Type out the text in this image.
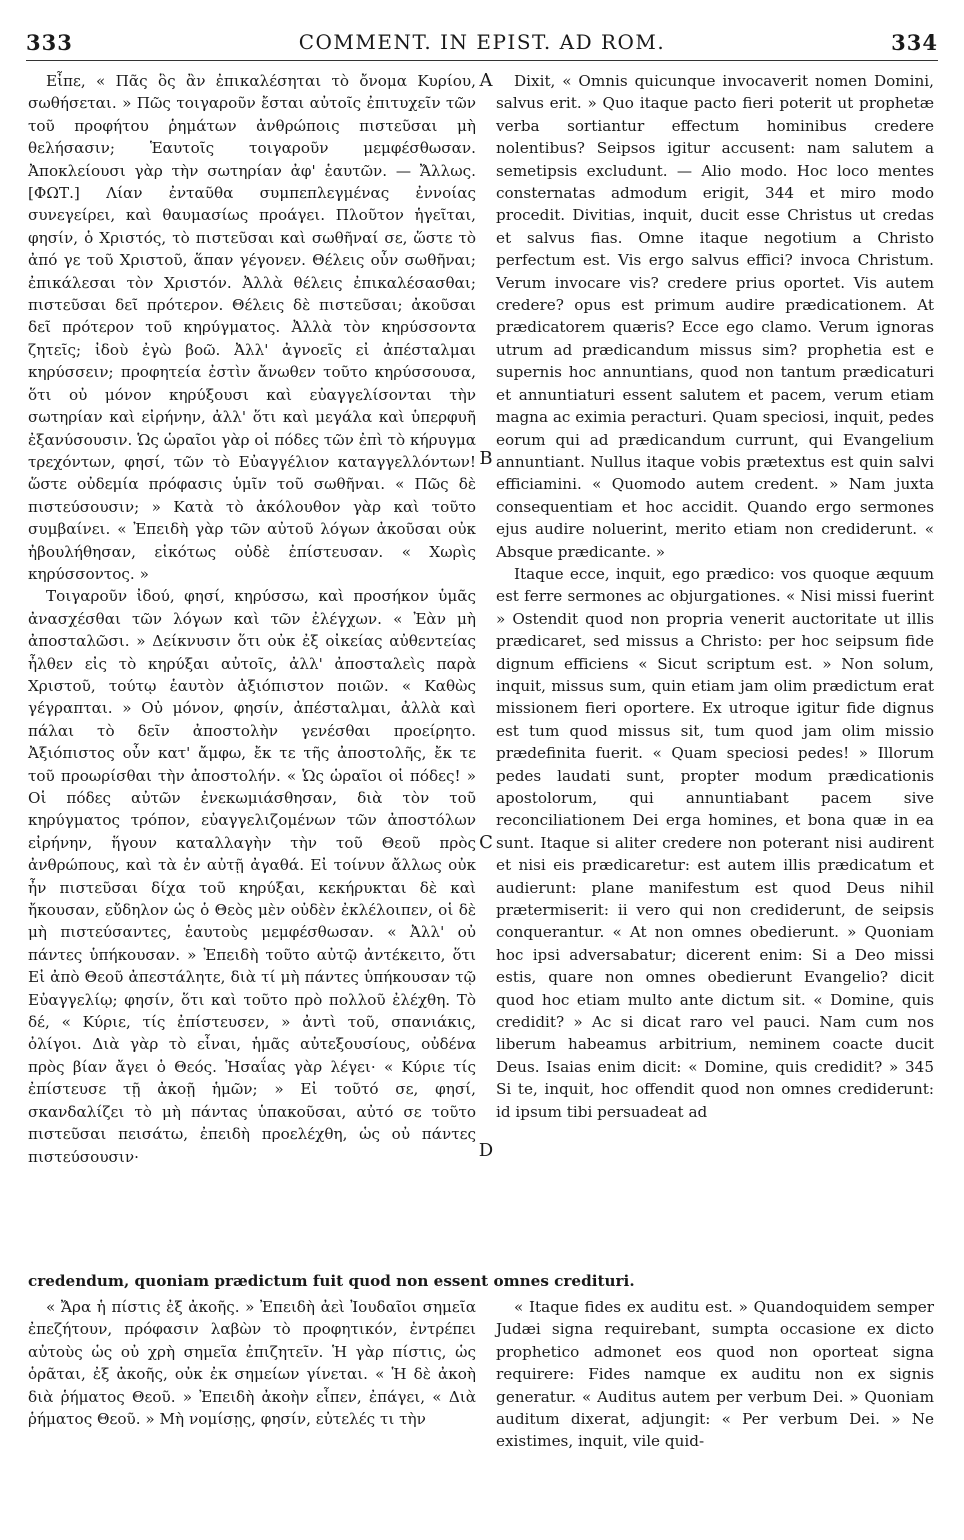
333	COMMENT. IN EPIST. AD ROM.	334

Εἶπε, « Πᾶς ὃς ἂν ἐπικαλέσηται τὸ ὄνομα Κυρίου, σωθήσεται. » Πῶς τοιγαροῦν ἔσται αὐτοῖς ἐπιτυχεῖν τῶν τοῦ προφήτου ῥημάτων ἀνθρώποις πιστεῦσαι μὴ θελήσασιν; Ἑαυτοῖς τοιγαροῦν μεμφέσθωσαν. Ἀποκλείουσι γὰρ τὴν σωτηρίαν ἀφ' ἑαυτῶν. — Ἄλλως. [ΦΩΤ.] Λίαν ἐνταῦθα συμπεπλεγμένας ἐννοίας συνεγείρει, καὶ θαυμασίως προάγει. Πλοῦτον ἡγεῖται, φησίν, ὁ Χριστός, τὸ πιστεῦσαι καὶ σωθῆναί σε, ὥστε τὸ ἀπό γε τοῦ Χριστοῦ, ἅπαν γέγονεν. Θέλεις οὖν σωθῆναι; ἐπικάλεσαι τὸν Χριστόν. Ἀλλὰ θέλεις ἐπικαλέσασθαι; πιστεῦσαι δεῖ πρότερον. Θέλεις δὲ πιστεῦσαι; ἀκοῦσαι δεῖ πρότερον τοῦ κηρύγματος. Ἀλλὰ τὸν κηρύσσοντα ζητεῖς; ἰδοὺ ἐγὼ βοῶ. Ἀλλ' ἀγνοεῖς εἰ ἀπέσταλμαι κηρύσσειν; προφητεία ἐστὶν ἄνωθεν τοῦτο κηρύσσουσα, ὅτι οὐ μόνον κηρύξουσι καὶ εὐαγγελίσονται τὴν σωτηρίαν καὶ εἰρήνην, ἀλλ' ὅτι καὶ μεγάλα καὶ ὑπερφυῆ ἐξανύσουσιν. Ὡς ὡραῖοι γὰρ οἱ πόδες τῶν ἐπὶ τὸ κήρυγμα τρεχόντων, φησί, τῶν τὸ Εὐαγγέλιον καταγγελλόντων! ὥστε οὐδεμία πρόφασις ὑμῖν τοῦ σωθῆναι. « Πῶς δὲ πιστεύσουσιν; » Κατὰ τὸ ἀκόλουθον γὰρ καὶ τοῦτο συμβαίνει. « Ἐπειδὴ γὰρ τῶν αὐτοῦ λόγων ἀκοῦσαι οὐκ ἠβουλήθησαν, εἰκότως οὐδὲ ἐπίστευσαν. « Χωρὶς κηρύσσοντος. »

Τοιγαροῦν ἰδού, φησί, κηρύσσω, καὶ προσήκον ὑμᾶς ἀνασχέσθαι τῶν λόγων καὶ τῶν ἐλέγχων. « Ἐὰν μὴ ἀποσταλῶσι. » Δείκνυσιν ὅτι οὐκ ἐξ οἰκείας αὐθεντείας ἦλθεν εἰς τὸ κηρύξαι αὐτοῖς, ἀλλ' ἀποσταλεὶς παρὰ Χριστοῦ, τούτῳ ἑαυτὸν ἀξιόπιστον ποιῶν. « Καθὼς γέγραπται. » Οὐ μόνον, φησίν, ἀπέσταλμαι, ἀλλὰ καὶ πάλαι τὸ δεῖν ἀποστολὴν γενέσθαι προείρητο. Ἀξιόπιστος οὖν κατ' ἄμφω, ἔκ τε τῆς ἀποστολῆς, ἔκ τε τοῦ προωρίσθαι τὴν ἀποστολήν. « Ὡς ὡραῖοι οἱ πόδες! » Οἱ πόδες αὐτῶν ἐνεκωμιάσθησαν, διὰ τὸν τοῦ κηρύγματος τρόπον, εὐαγγελιζομένων τῶν ἀποστόλων εἰρήνην, ἥγουν καταλλαγὴν τὴν τοῦ Θεοῦ πρὸς ἀνθρώπους, καὶ τὰ ἐν αὐτῇ ἀγαθά. Εἰ τοίνυν ἄλλως οὐκ ἦν πιστεῦσαι δίχα τοῦ κηρύξαι, κεκήρυκται δὲ καὶ ἤκουσαν, εὔδηλον ὡς ὁ Θεὸς μὲν οὐδὲν ἐκλέλοιπεν, οἱ δὲ μὴ πιστεύσαντες, ἑαυτοὺς μεμφέσθωσαν. « Ἀλλ' οὐ πάντες ὑπήκουσαν. » Ἐπειδὴ τοῦτο αὐτῷ ἀντέκειτο, ὅτι Εἰ ἀπὸ Θεοῦ ἀπεστάλητε, διὰ τί μὴ πάντες ὑπήκουσαν τῷ Εὐαγγελίῳ; φησίν, ὅτι καὶ τοῦτο πρὸ πολλοῦ ἐλέχθη. Τὸ δέ, « Κύριε, τίς ἐπίστευσεν, » ἀντὶ τοῦ, σπανιάκις, ὀλίγοι. Διὰ γὰρ τὸ εἶναι, ἡμᾶς αὐτεξουσίους, οὐδένα πρὸς βίαν ἄγει ὁ Θεός. Ἡσαΐας γὰρ λέγει· « Κύριε τίς ἐπίστευσε τῇ ἀκοῇ ἡμῶν; » Εἰ τοῦτό σε, φησί, σκανδαλίζει τὸ μὴ πάντας ὑπακοῦσαι, αὐτό σε τοῦτο πιστεῦσαι πεισάτω, ἐπειδὴ προελέχθη, ὡς οὐ πάντες πιστεύσουσιν·

A
B
C
D

Dixit, « Omnis quicunque invocaverit nomen Domini, salvus erit. » Quo itaque pacto fieri poterit ut prophetæ verba sortiantur effectum hominibus credere nolentibus? Seipsos igitur accusent: nam salutem a semetipsis excludunt. — Alio modo. Hoc loco mentes consternatas admodum erigit, 344 et miro modo procedit. Divitias, inquit, ducit esse Christus ut credas et salvus fias. Omne itaque negotium a Christo perfectum est. Vis ergo salvus effici? invoca Christum. Verum invocare vis? credere prius oportet. Vis autem credere? opus est primum audire prædicationem. At prædicatorem quæris? Ecce ego clamo. Verum ignoras utrum ad prædicandum missus sim? prophetia est e supernis hoc annuntians, quod non tantum prædicaturi et annuntiaturi essent salutem et pacem, verum etiam magna ac eximia peracturi. Quam speciosi, inquit, pedes eorum qui ad prædicandum currunt, qui Evangelium annuntiant. Nullus itaque vobis prætextus est quin salvi efficiamini. « Quomodo autem credent. » Nam juxta consequentiam et hoc accidit. Quando ergo sermones ejus audire noluerint, merito etiam non crediderunt. « Absque prædicante. »

Itaque ecce, inquit, ego prædico: vos quoque æquum est ferre sermones ac objurgationes. « Nisi missi fuerint » Ostendit quod non propria venerit auctoritate ut illis prædicaret, sed missus a Christo: per hoc seipsum fide dignum efficiens « Sicut scriptum est. » Non solum, inquit, missus sum, quin etiam jam olim prædictum erat missionem fieri oportere. Ex utroque igitur fide dignus est tum quod missus sit, tum quod jam olim missio prædefinita fuerit. « Quam speciosi pedes! » Illorum pedes laudati sunt, propter modum prædicationis apostolorum, qui annuntiabant pacem sive reconciliationem Dei erga homines, et bona quæ in ea sunt. Itaque si aliter credere non poterant nisi audirent et nisi eis prædicaretur: est autem illis prædicatum et audierunt: plane manifestum est quod Deus nihil prætermiserit: ii vero qui non crediderunt, de seipsis conquerantur. « At non omnes obedierunt. » Quoniam hoc ipsi adversabatur; dicerent enim: Si a Deo missi estis, quare non omnes obedierunt Evangelio? dicit quod hoc etiam multo ante dictum sit. « Domine, quis credidit? » Ac si dicat raro vel pauci. Nam cum nos liberum habeamus arbitrium, neminem coacte ducit Deus. Isaias enim dicit: « Domine, quis credidit? » 345 Si te, inquit, hoc offendit quod non omnes crediderunt: id ipsum tibi persuadeat ad

credendum, quoniam prædictum fuit quod non essent omnes credituri.

« Ἄρα ἡ πίστις ἐξ ἀκοῆς. » Ἐπειδὴ ἀεὶ Ἰουδαῖοι σημεῖα ἐπεζήτουν, πρόφασιν λαβὼν τὸ προφητικόν, ἐντρέπει αὐτοὺς ὡς οὐ χρὴ σημεῖα ἐπιζητεῖν. Ἡ γὰρ πίστις, ὡς ὁρᾶται, ἐξ ἀκοῆς, οὐκ ἐκ σημείων γίνεται. « Ἡ δὲ ἀκοὴ διὰ ῥήματος Θεοῦ. » Ἐπειδὴ ἀκοὴν εἶπεν, ἐπάγει, « Διὰ ῥήματος Θεοῦ. » Μὴ νομίσῃς, φησίν, εὐτελές τι τὴν

« Itaque fides ex auditu est. » Quandoquidem semper Judæi signa requirebant, sumpta occasione ex dicto prophetico admonet eos quod non oporteat signa requirere: Fides namque ex auditu non ex signis generatur. « Auditus autem per verbum Dei. » Quoniam auditum dixerat, adjungit: « Per verbum Dei. » Ne existimes, inquit, vile quid-
